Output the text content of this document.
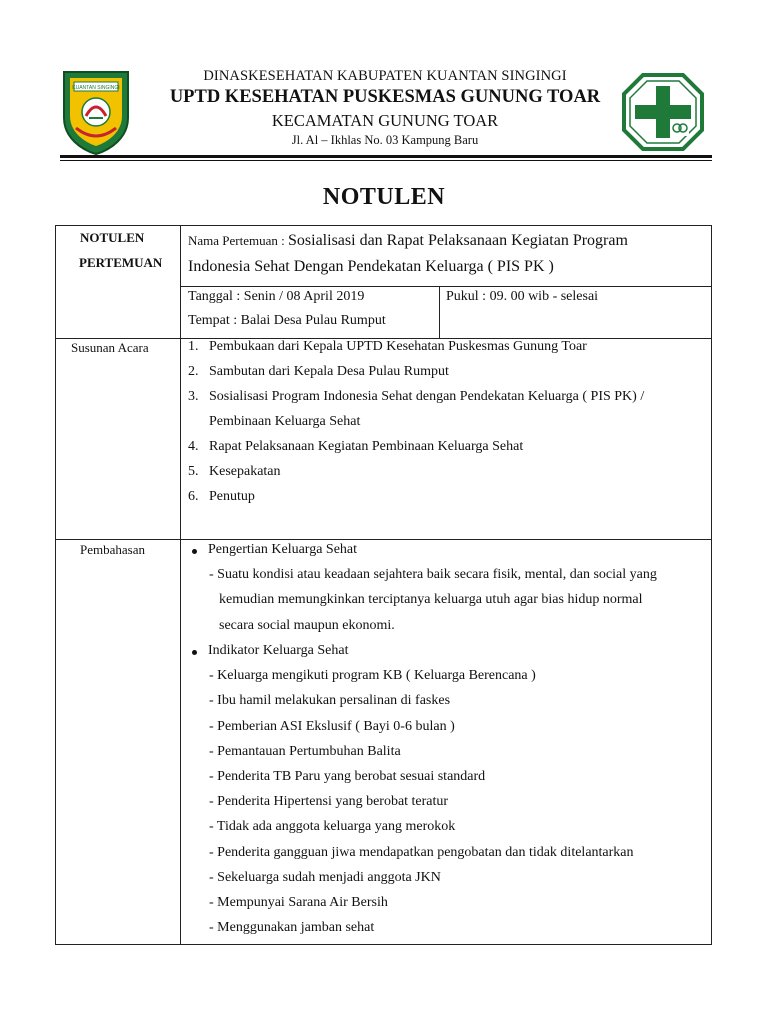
KUANTAN SINGINGI
DINASKESEHATAN KABUPATEN KUANTAN SINGINGI
UPTD KESEHATAN PUSKESMAS GUNUNG TOAR
KECAMATAN GUNUNG TOAR
Jl. Al – Ikhlas No. 03 Kampung Baru
NOTULEN
NOTULEN
PERTEMUAN
Nama Pertemuan : Sosialisasi dan Rapat Pelaksanaan Kegiatan Program
Indonesia Sehat Dengan Pendekatan Keluarga ( PIS PK )
Tanggal : Senin / 08 April 2019
Tempat : Balai Desa Pulau Rumput
Pukul : 09. 00 wib - selesai
Susunan Acara	1. Pembukaan dari Kepala UPTD Kesehatan Puskesmas Gunung Toar
2. Sambutan dari Kepala Desa Pulau Rumput
3. Sosialisasi Program Indonesia Sehat dengan Pendekatan Keluarga ( PIS PK) /
Pembinaan Keluarga Sehat
4. Rapat Pelaksanaan Kegiatan Pembinaan Keluarga Sehat
5. Kesepakatan
6. Penutup
Pembahasan	Pengertian Keluarga Sehat
- Suatu kondisi atau keadaan sejahtera baik secara fisik, mental, dan social yang
kemudian memungkinkan terciptanya keluarga utuh agar bias hidup normal
secara social maupun ekonomi.
Indikator Keluarga Sehat
- Keluarga mengikuti program KB ( Keluarga Berencana )
- Ibu hamil melakukan persalinan di faskes
- Pemberian ASI Ekslusif ( Bayi 0-6 bulan )
- Pemantauan Pertumbuhan Balita
- Penderita TB Paru yang berobat sesuai standard
- Penderita Hipertensi yang berobat teratur
- Tidak ada anggota keluarga yang merokok
- Penderita gangguan jiwa mendapatkan pengobatan dan tidak ditelantarkan
- Sekeluarga sudah menjadi anggota JKN
- Mempunyai Sarana Air Bersih
- Menggunakan jamban sehat
